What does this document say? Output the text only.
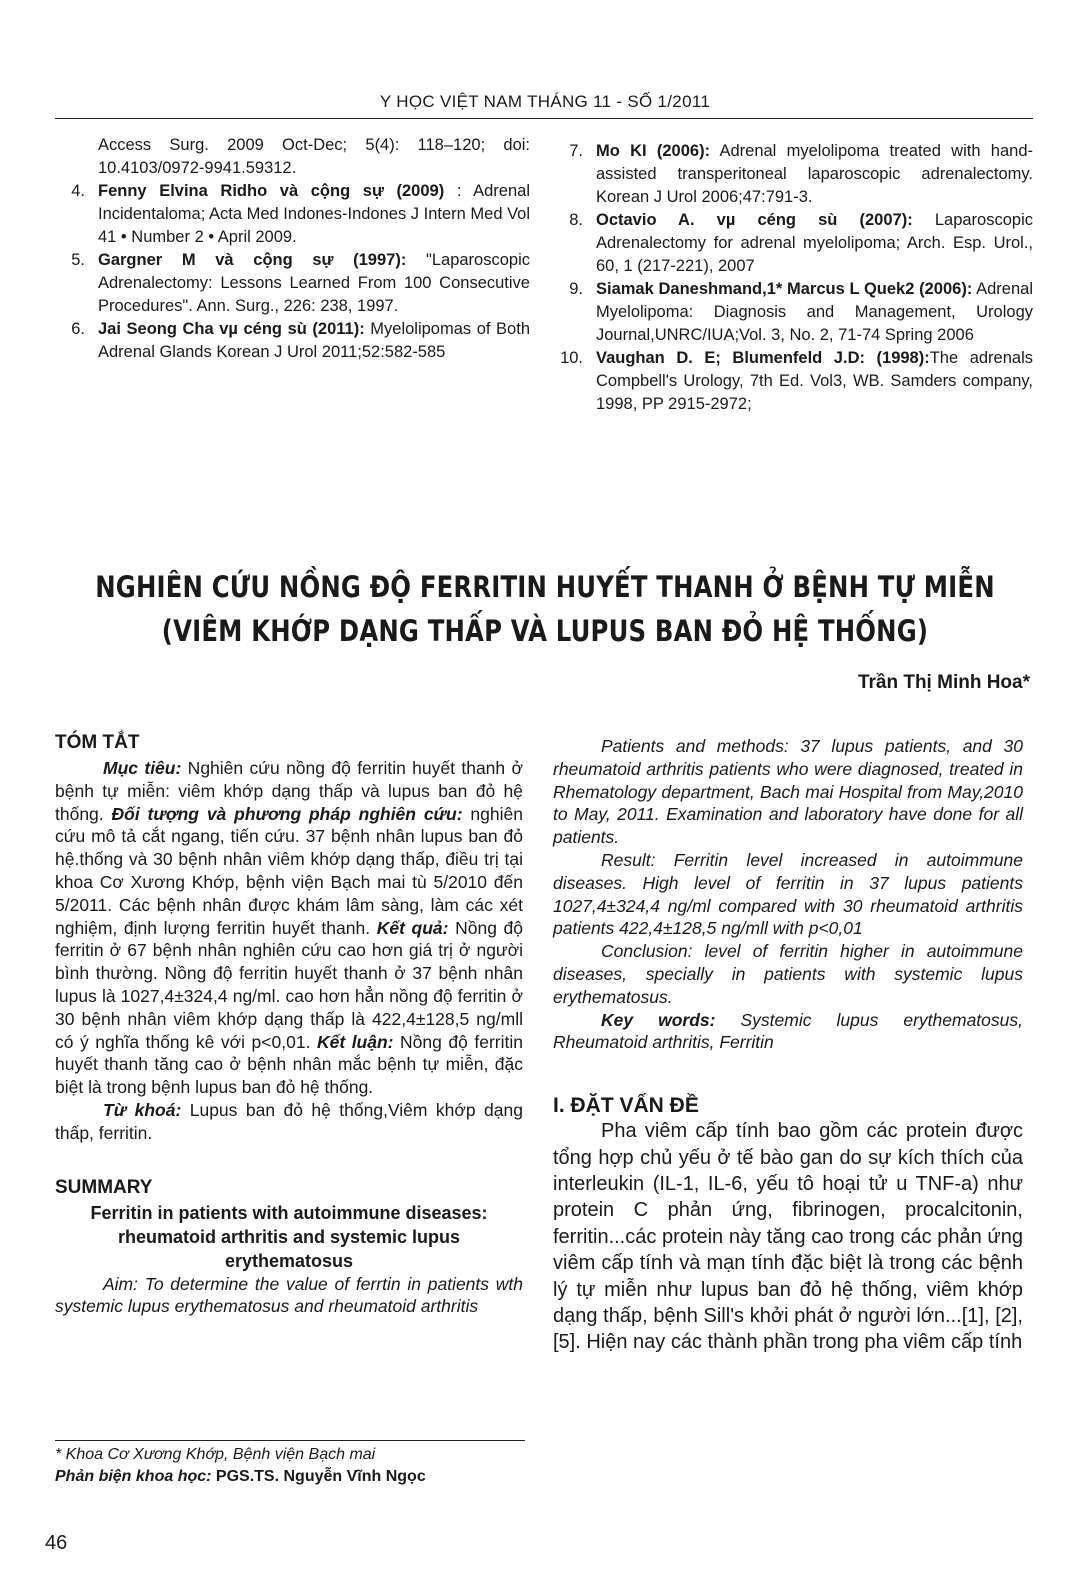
Y HỌC VIỆT NAM THÁNG 11 - SỐ 1/2011
Access Surg. 2009 Oct-Dec; 5(4): 118–120; doi: 10.4103/0972-9941.59312.
4. Fenny Elvina Ridho và cộng sự (2009) : Adrenal Incidentaloma; Acta Med Indones-Indones J Intern Med Vol 41 • Number 2 • April 2009.
5. Gargner M và cộng sự (1997): "Laparoscopic Adrenalectomy: Lessons Learned From 100 Consecutive Procedures". Ann. Surg., 226: 238, 1997.
6. Jai Seong Cha vµ céng sù (2011): Myelolipomas of Both Adrenal Glands Korean J Urol 2011;52:582-585
7. Mo KI (2006): Adrenal myelolipoma treated with hand-assisted transperitoneal laparoscopic adrenalectomy. Korean J Urol 2006;47:791-3.
8. Octavio A. vµ céng sù (2007): Laparoscopic Adrenalectomy for adrenal myelolipoma; Arch. Esp. Urol., 60, 1 (217-221), 2007
9. Siamak Daneshmand,1* Marcus L Quek2 (2006): Adrenal Myelolipoma: Diagnosis and Management, Urology Journal,UNRC/IUA;Vol. 3, No. 2, 71-74 Spring 2006
10. Vaughan D. E; Blumenfeld J.D: (1998):The adrenals Compbell's Urology, 7th Ed. Vol3, WB. Samders company, 1998, PP 2915-2972;
NGHIÊN CỨU NỒNG ĐỘ FERRITIN HUYẾT THANH Ở BỆNH TỰ MIỄN
(VIÊM KHỚP DẠNG THẤP VÀ LUPUS BAN ĐỎ HỆ THỐNG)
Trần Thị Minh Hoa*
TÓM TẮT
Mục tiêu: Nghiên cứu nồng độ ferritin huyết thanh ở bệnh tự miễn: viêm khớp dạng thấp và lupus ban đỏ hệ thống. Đối tượng và phương pháp nghiên cứu: nghiên cứu mô tả cắt ngang, tiến cứu. 37 bệnh nhân lupus ban đỏ hệ.thống và 30 bệnh nhân viêm khớp dạng thấp, điều trị tại khoa Cơ Xương Khớp, bệnh viện Bạch mai tù 5/2010 đến 5/2011. Các bệnh nhân được khám lâm sàng, làm các xét nghiệm, định lượng ferritin huyết thanh. Kết quả: Nồng độ ferritin ở 67 bệnh nhân nghiên cứu cao hơn giá trị ở người bình thường. Nồng độ ferritin huyết thanh ở 37 bệnh nhân lupus là 1027,4±324,4 ng/ml. cao hơn hẳn nồng độ ferritin ở 30 bệnh nhân viêm khớp dạng thấp là 422,4±128,5 ng/mll có ý nghĩa thống kê với p<0,01. Kết luận: Nồng độ ferritin huyết thanh tăng cao ở bệnh nhân mắc bệnh tự miễn, đặc biệt là trong bệnh lupus ban đỏ hệ thống.
Từ khoá: Lupus ban đỏ hệ thống,Viêm khớp dạng thấp, ferritin.
SUMMARY
Ferritin in patients with autoimmune diseases: rheumatoid arthritis and systemic lupus erythematosus
Aim: To determine the value of ferrtin in patients wth systemic lupus erythematosus and rheumatoid arthritis
Patients and methods: 37 lupus patients, and 30 rheumatoid arthritis patients who were diagnosed, treated in Rhematology department, Bach mai Hospital from May,2010 to May, 2011. Examination and laboratory have done for all patients.
Result: Ferritin level increased in autoimmune diseases. High level of ferritin in 37 lupus patients 1027,4±324,4 ng/ml compared with 30 rheumatoid arthritis patients 422,4±128,5 ng/mll with p<0,01
Conclusion: level of ferritin higher in autoimmune diseases, specially in patients with systemic lupus erythematosus.
Key words: Systemic lupus erythematosus, Rheumatoid arthritis, Ferritin
I. ĐẶT VẤN ĐỀ
Pha viêm cấp tính bao gồm các protein được tổng hợp chủ yếu ở tế bào gan do sự kích thích của interleukin (IL-1, IL-6, yếu tô hoại tử u TNF-a) như protein C phản ứng, fibrinogen, procalcitonin, ferritin...các protein này tăng cao trong các phản ứng viêm cấp tính và mạn tính đặc biệt là trong các bệnh lý tự miễn như lupus ban đỏ hệ thống, viêm khớp dạng thấp, bệnh Sill's khởi phát ở người lớn...[1], [2], [5]. Hiện nay các thành phần trong pha viêm cấp tính
* Khoa Cơ Xương Khớp, Bệnh viện Bạch mai
Phản biện khoa học: PGS.TS. Nguyễn Vĩnh Ngọc
46
